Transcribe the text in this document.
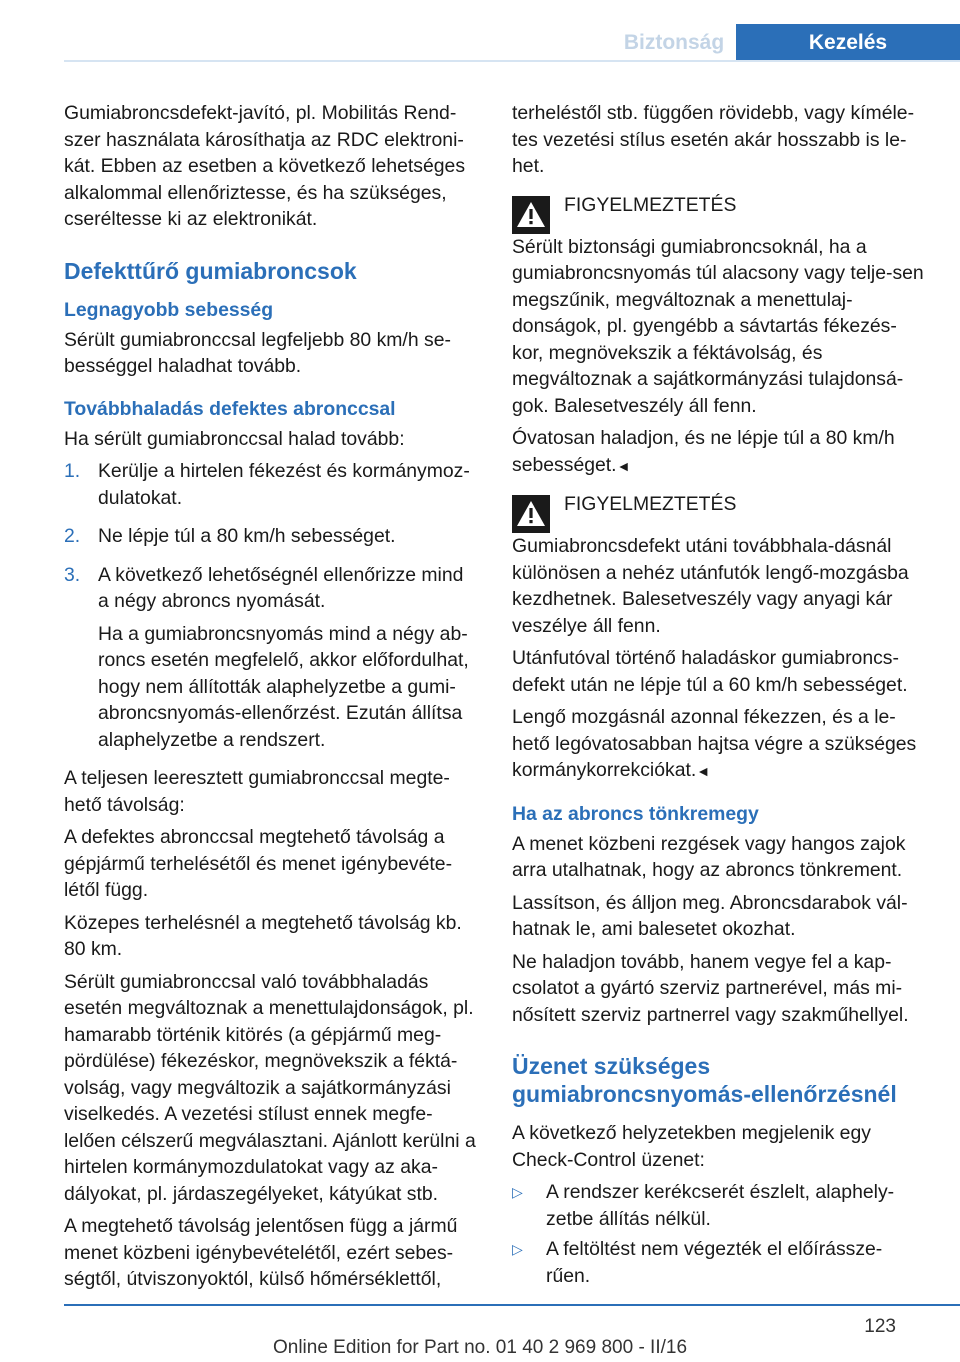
Biztonság	Kezelés

Gumiabroncsdefekt-javító, pl. Mobilitás Rend-szer használata károsíthatja az RDC elektroni-kát. Ebben az esetben a következő lehetséges alkalommal ellenőriztesse, és ha szükséges, cseréltesse ki az elektronikát.

Defekttűrő gumiabroncsok
Legnagyobb sebesség

Sérült gumiabronccsal legfeljebb 80 km/h se-bességgel haladhat tovább.

Továbbhaladás defektes abronccsal

Ha sérült gumiabronccsal halad tovább:

1. Kerülje a hirtelen fékezést és kormánymoz-dulatokat.

2. Ne lépje túl a 80 km/h sebességet.

3. A következő lehetőségnél ellenőrizze mind a négy abroncs nyomását.

Ha a gumiabroncsnyomás mind a négy ab-roncs esetén megfelelő, akkor előfordulhat, hogy nem állították alaphelyzetbe a gumi-abroncsnyomás-ellenőrzést. Ezután állítsa alaphelyzetbe a rendszert.

A teljesen leeresztett gumiabronccsal megte-hető távolság:

A defektes abronccsal megtehető távolság a gépjármű terhelésétől és menet igénybevéte-létől függ.

Közepes terhelésnél a megtehető távolság kb. 80 km.

Sérült gumiabronccsal való továbbhaladás esetén megváltoznak a menettulajdonságok, pl. hamarabb történik kitörés (a gépjármű meg-pördülése) fékezéskor, megnövekszik a féktá-volság, vagy megváltozik a sajátkormányzási viselkedés. A vezetési stílust ennek megfe-lelően célszerű megválasztani. Ajánlott kerülni a hirtelen kormánymozdulatokat vagy az aka-dályokat, pl. járdaszegélyeket, kátyúkat stb.

A megtehető távolság jelentősen függ a jármű menet közbeni igénybevételétől, ezért sebes-ségtől, útviszonyoktól, külső hőmérséklettől,

terheléstől stb. függően rövidebb, vagy kíméle-tes vezetési stílus esetén akár hosszabb is le-het.

FIGYELMEZTETÉS

Sérült biztonsági gumiabroncsoknál, ha a gumiabroncsnyomás túl alacsony vagy telje-sen megszűnik, megváltoznak a menettulaj-donságok, pl. gyengébb a sávtartás fékezés-kor, megnövekszik a féktávolság, és megváltoznak a sajátkormányzási tulajdonsá-gok. Balesetveszély áll fenn.

Óvatosan haladjon, és ne lépje túl a 80 km/h sebességet.◄

FIGYELMEZTETÉS

Gumiabroncsdefekt utáni továbbhala-dásnál különösen a nehéz utánfutók lengő-mozgásba kezdhetnek. Balesetveszély vagy anyagi kár veszélye áll fenn.

Utánfutóval történő haladáskor gumiabroncs-defekt után ne lépje túl a 60 km/h sebességet.

Lengő mozgásnál azonnal fékezzen, és a le-hető legóvatosabban hajtsa végre a szükséges kormánykorrekciókat.◄

Ha az abroncs tönkremegy

A menet közbeni rezgések vagy hangos zajok arra utalhatnak, hogy az abroncs tönkrement.

Lassítson, és álljon meg. Abroncsdarabok vál-hatnak le, ami balesetet okozhat.

Ne haladjon tovább, hanem vegye fel a kap-csolatot a gyártó szerviz partnerével, más mi-nősített szerviz partnerrel vagy szakműhellyel.

Üzenet szükséges gumiabroncsnyomás-ellenőrzésnél

A következő helyzetekben megjelenik egy Check-Control üzenet:

▷	A rendszer kerékcserét észlelt, alaphely-zetbe állítás nélkül.
▷	A feltöltést nem végezték el előírássze-rűen.
123
Online Edition for Part no. 01 40 2 969 800 - II/16
